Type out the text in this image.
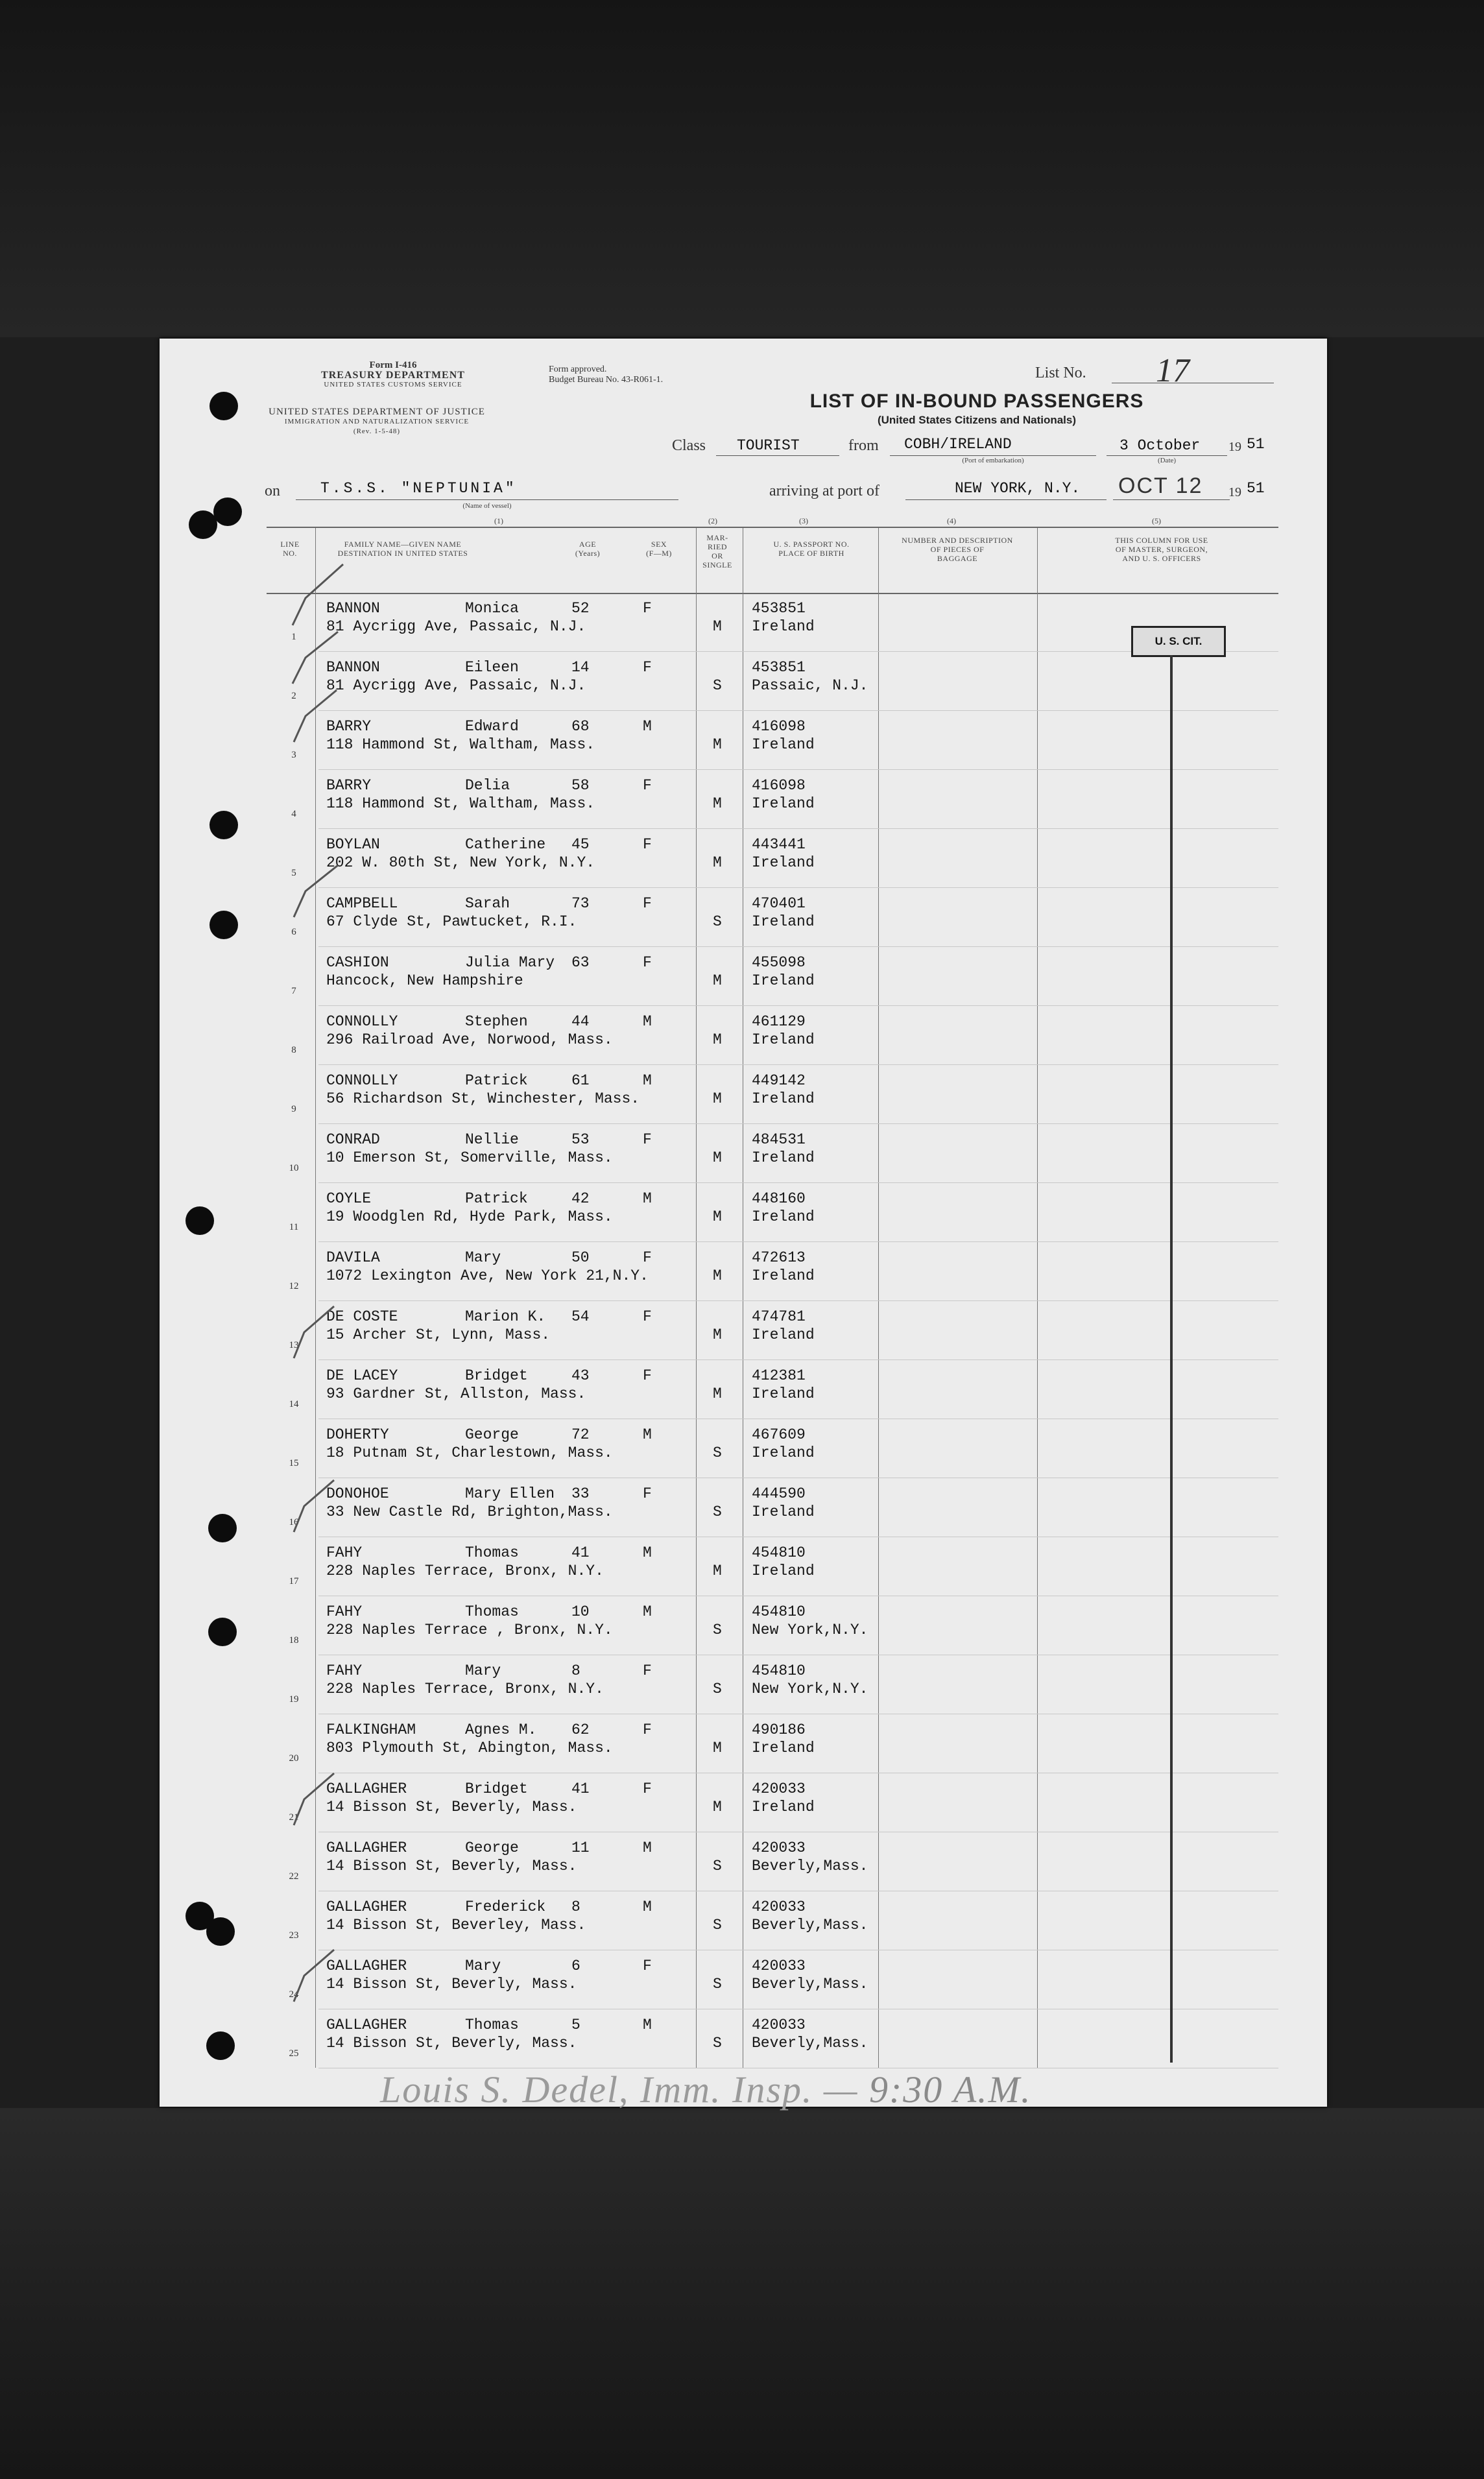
Form I-416
TREASURY DEPARTMENT
UNITED STATES CUSTOMS SERVICE
UNITED STATES DEPARTMENT OF JUSTICE
IMMIGRATION AND NATURALIZATION SERVICE
(Rev. 1-5-48)
Form approved.
Budget Bureau No. 43-R061-1.
LIST OF IN-BOUND PASSENGERS
(United States Citizens and Nationals)
List No. 17
Class TOURIST	from COBH/IRELAND
(Port of embarkation)
3 October
(Date)
19 51
on	T.S.S. "NEPTUNIA"
(Name of vessel)
arriving at port of	NEW YORK, N.Y. OCT 12 19 51
(1)	(2)	(3)	(4)	(5)
LINE
NO.
FAMILY NAME—GIVEN NAME
DESTINATION IN UNITED STATES
AGE
(Years)
SEX
(F—M)
MAR-
RIED
OR
SINGLE
U. S. PASSPORT NO.
PLACE OF BIRTH
NUMBER AND DESCRIPTION
OF PIECES OF
BAGGAGE
THIS COLUMN FOR USE
OF MASTER, SURGEON,
AND U. S. OFFICERS
1
BANNON	Monica	52	F
81 Aycrigg Ave, Passaic, N.J.	M
453851
Ireland
2
BANNON	Eileen	14	F
81 Aycrigg Ave, Passaic, N.J.	S
453851
Passaic, N.J.
3
BARRY	Edward	68	M
118 Hammond St, Waltham, Mass.	M
416098
Ireland
4
BARRY	Delia	58	F
118 Hammond St, Waltham, Mass.	M
416098
Ireland
5
BOYLAN	Catherine 45	F
202 W. 80th St, New York, N.Y.	M
443441
Ireland
6
CAMPBELL	Sarah	73	F
67 Clyde St, Pawtucket, R.I.	S
470401
Ireland
7
CASHION	Julia Mary 63	F
Hancock, New Hampshire	M
455098
Ireland
8
CONNOLLY	Stephen	44	M
296 Railroad Ave, Norwood, Mass.	M
461129
Ireland
9
CONNOLLY	Patrick	61	M
56 Richardson St, Winchester, Mass.	M
449142
Ireland
10
CONRAD	Nellie	53	F
10 Emerson St, Somerville, Mass.	M
484531
Ireland
11
COYLE	Patrick	42	M
19 Woodglen Rd, Hyde Park, Mass.	M
448160
Ireland
12
DAVILA	Mary	50	F
1072 Lexington Ave, New York 21,N.Y.	M
472613
Ireland
13
DE COSTE	Marion K. 54	F
15 Archer St, Lynn, Mass.	M
474781
Ireland
14
DE LACEY	Bridget	43	F
93 Gardner St, Allston, Mass.	M
412381
Ireland
15
DOHERTY	George	72	M
18 Putnam St, Charlestown, Mass.	S
467609
Ireland
16
DONOHOE	Mary Ellen 33	F
33 New Castle Rd, Brighton,Mass.	S
444590
Ireland
17
FAHY	Thomas	41	M
228 Naples Terrace, Bronx, N.Y.	M
454810
Ireland
18
FAHY	Thomas	10	M
228 Naples Terrace , Bronx, N.Y.	S
454810
New York,N.Y.
19
FAHY	Mary	8	F
228 Naples Terrace, Bronx, N.Y.	S
454810
New York,N.Y.
20
FALKINGHAM	Agnes M. 62	F
803 Plymouth St, Abington, Mass.	M
490186
Ireland
21
GALLAGHER	Bridget	41	F
14 Bisson St, Beverly, Mass.	M
420033
Ireland
22
GALLAGHER	George	11	M
14 Bisson St, Beverly, Mass.	S
420033
Beverly,Mass.
23
GALLAGHER	Frederick 8	M
14 Bisson St, Beverley, Mass.	S
420033
Beverly,Mass.
24
GALLAGHER	Mary	6	F
14 Bisson St, Beverly, Mass.	S
420033
Beverly,Mass.
25
GALLAGHER	Thomas	5	M
14 Bisson St, Beverly, Mass.	S
420033
Beverly,Mass.
U. S. CIT.
Louis S. Dedel, Imm. Insp. — 9:30 A.M.
